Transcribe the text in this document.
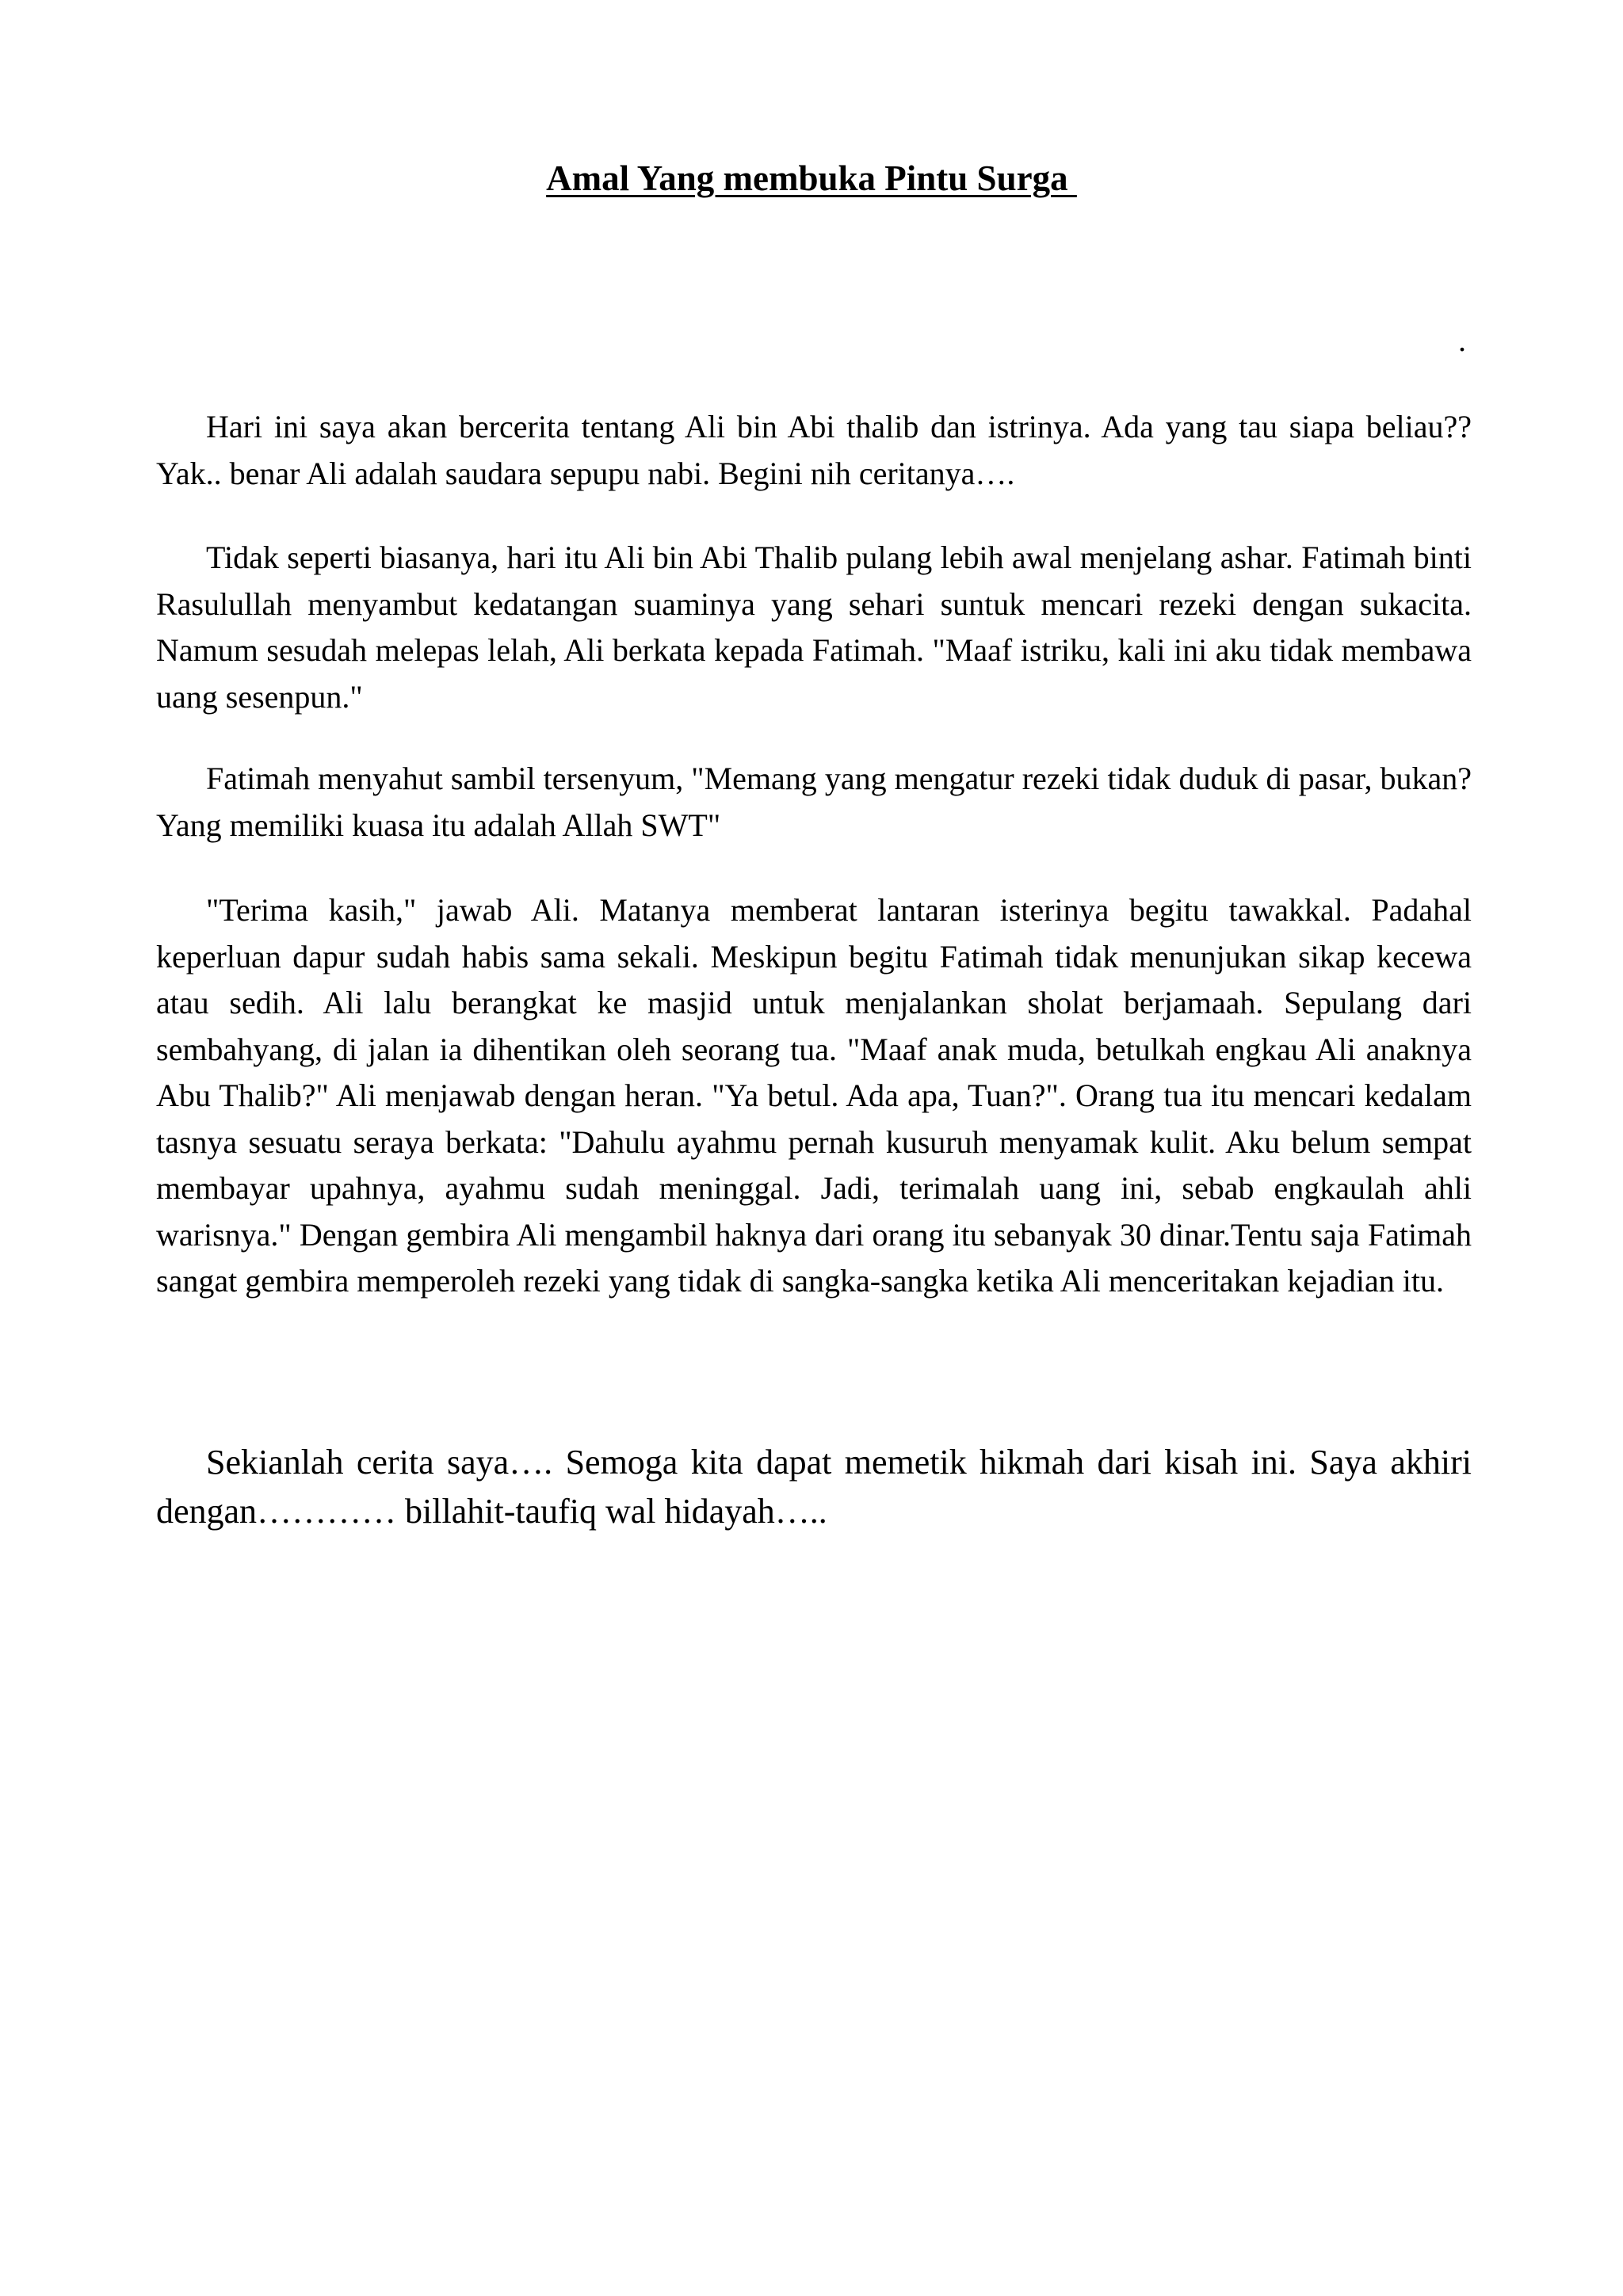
Amal Yang membuka Pintu Surga
.

Hari ini saya akan bercerita tentang Ali bin Abi thalib dan istrinya. Ada yang tau siapa beliau?? Yak.. benar Ali adalah saudara sepupu nabi. Begini nih ceritanya….

Tidak seperti biasanya, hari itu Ali bin Abi Thalib pulang lebih awal menjelang ashar. Fatimah binti Rasulullah menyambut kedatangan suaminya yang sehari suntuk mencari rezeki dengan sukacita. Namum sesudah melepas lelah, Ali berkata kepada Fatimah. "Maaf istriku, kali ini aku tidak membawa uang sesenpun."

Fatimah menyahut sambil tersenyum, "Memang yang mengatur rezeki tidak duduk di pasar, bukan? Yang memiliki kuasa itu adalah Allah SWT"

"Terima kasih," jawab Ali. Matanya memberat lantaran isterinya begitu tawakkal. Padahal keperluan dapur sudah habis sama sekali. Meskipun begitu Fatimah tidak menunjukan sikap kecewa atau sedih. Ali lalu berangkat ke masjid untuk menjalankan sholat berjamaah. Sepulang dari sembahyang, di jalan ia dihentikan oleh seorang tua. "Maaf anak muda, betulkah engkau Ali anaknya Abu Thalib?" Ali menjawab dengan heran. "Ya betul. Ada apa, Tuan?". Orang tua itu mencari kedalam tasnya sesuatu seraya berkata: "Dahulu ayahmu pernah kusuruh menyamak kulit. Aku belum sempat membayar upahnya, ayahmu sudah meninggal. Jadi, terimalah uang ini, sebab engkaulah ahli warisnya." Dengan gembira Ali mengambil haknya dari orang itu sebanyak 30 dinar.Tentu saja Fatimah sangat gembira memperoleh rezeki yang tidak di sangka-sangka ketika Ali menceritakan kejadian itu.

Sekianlah cerita saya…. Semoga kita dapat memetik hikmah dari kisah ini. Saya akhiri dengan………… billahit-taufiq wal hidayah…..
